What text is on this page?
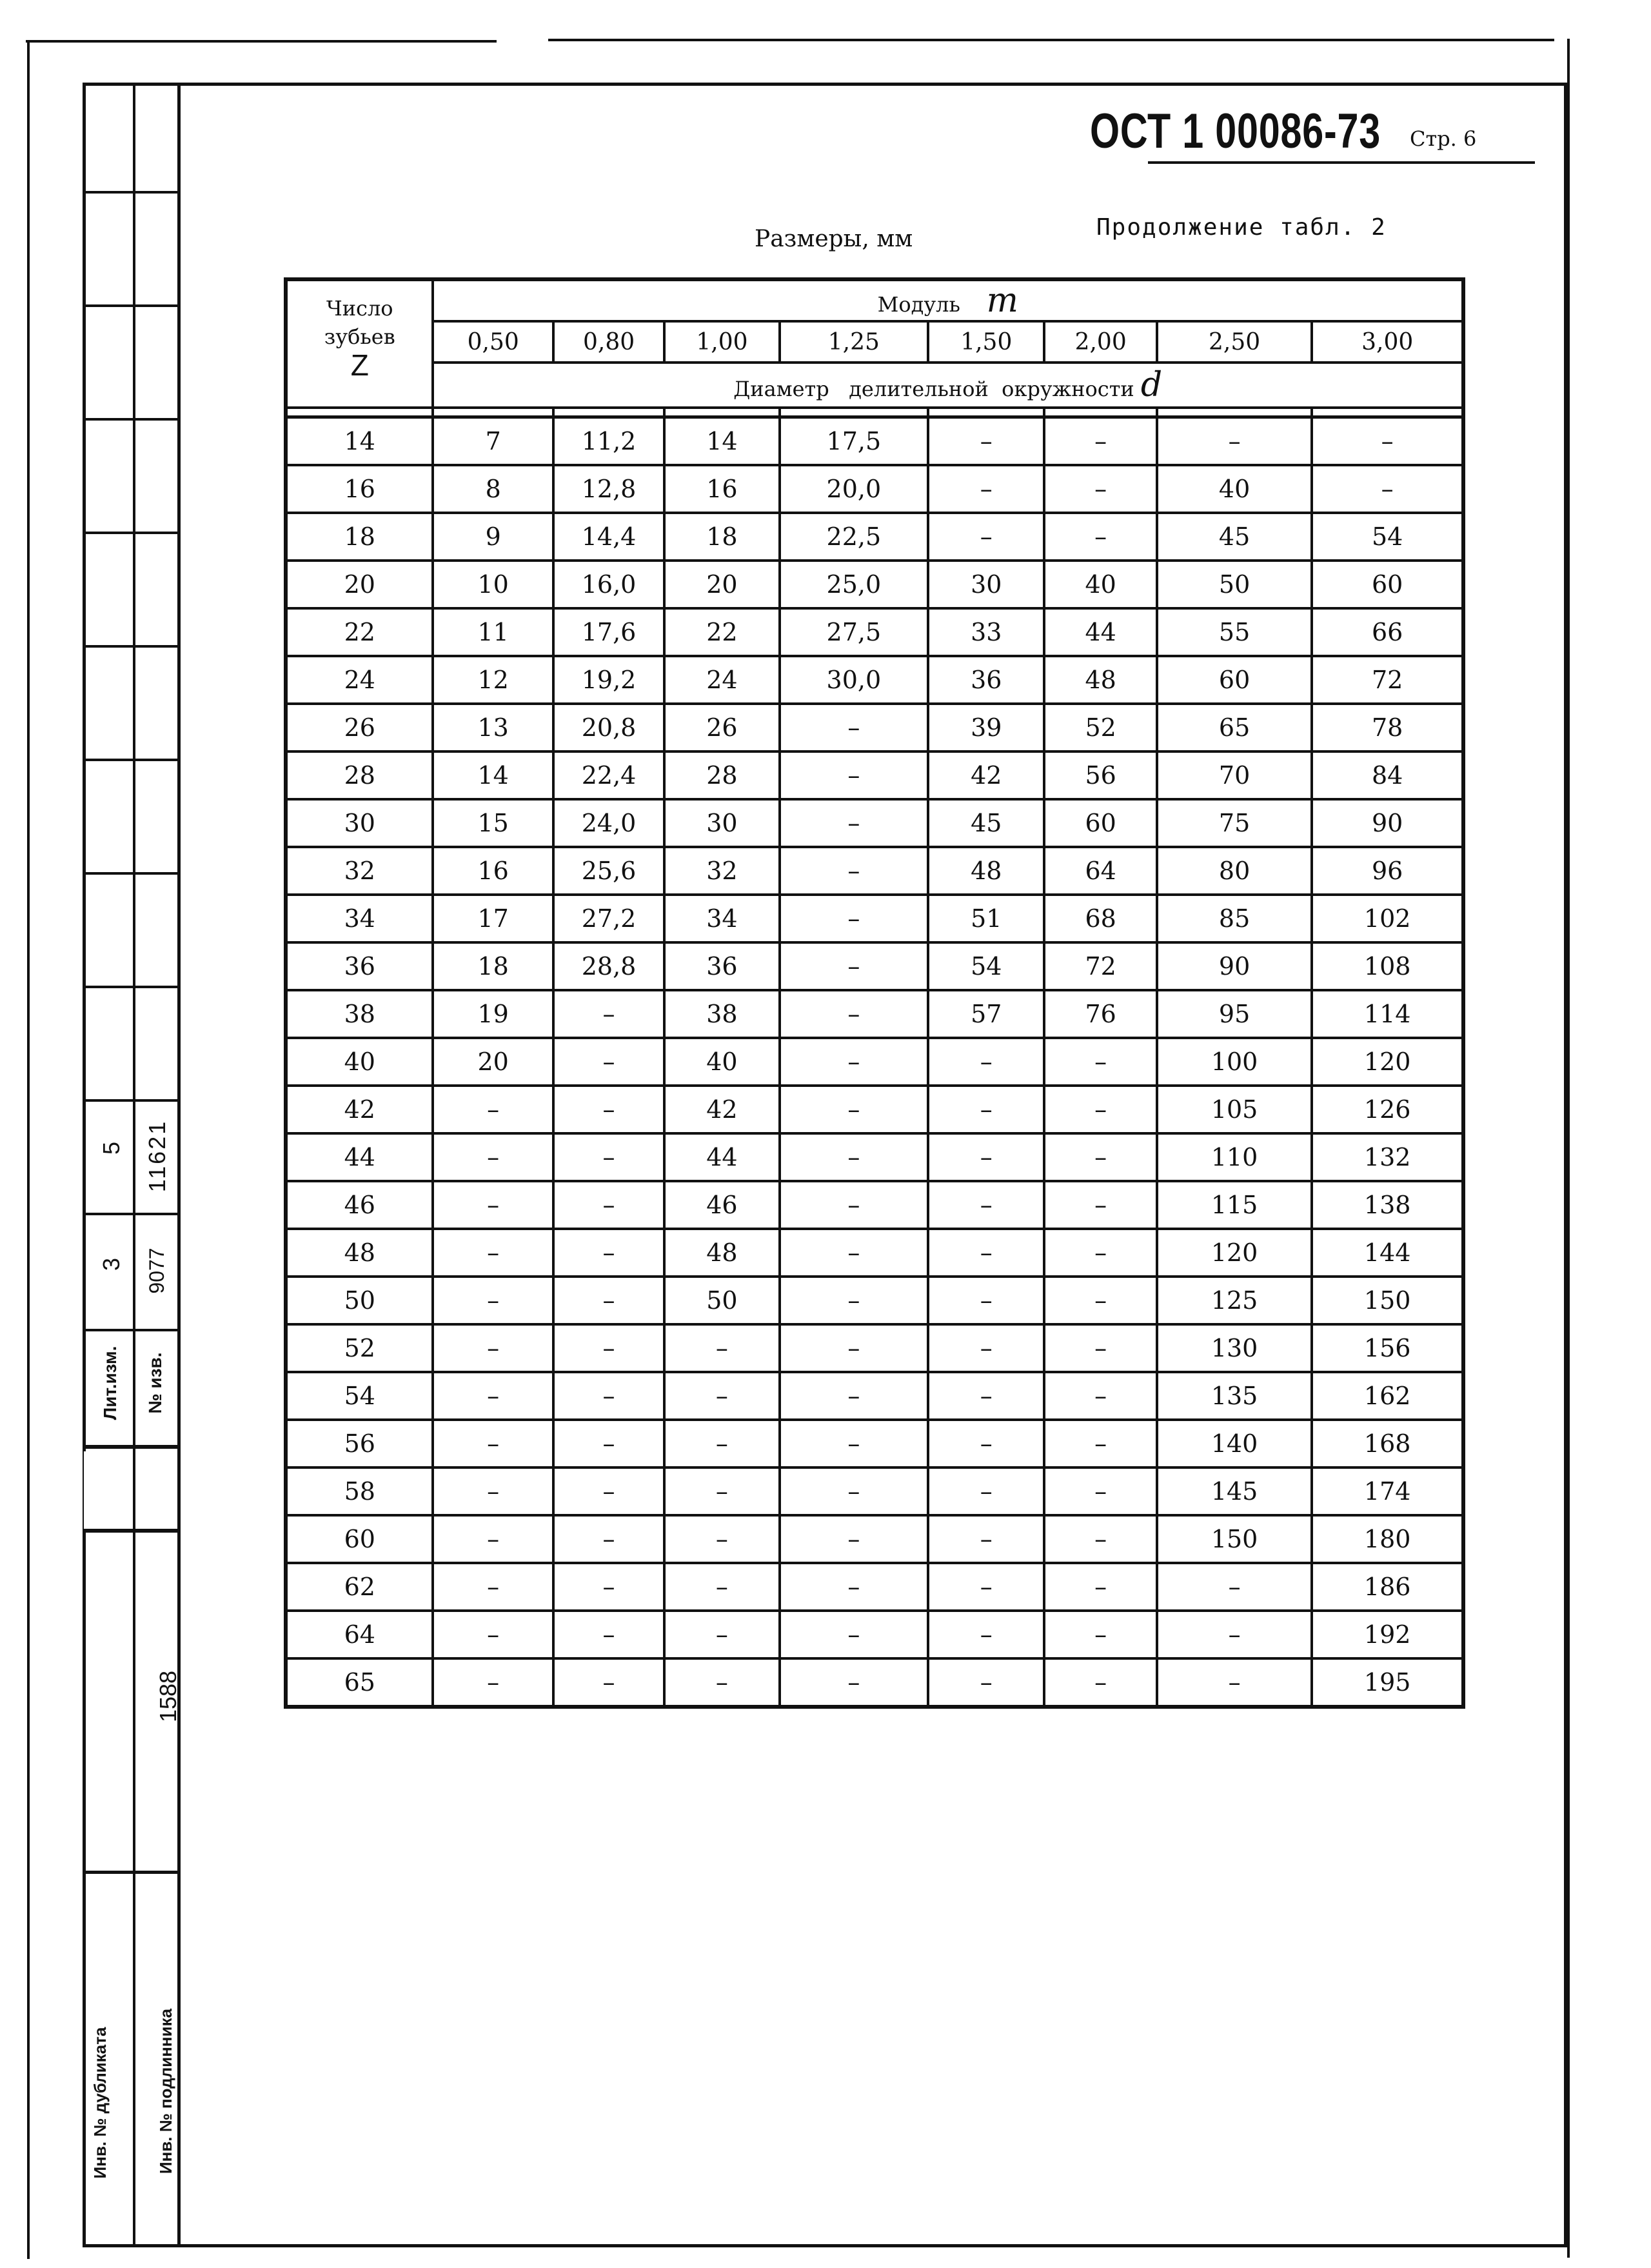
5 11621
3 9077
Лит.изм.	№ изв.
1588
Инв. № дубликата	Инв. № подлинника
ОСТ 1 00086-73 Стр. 6
Продолжение табл. 2
Размеры, мм
Число
зубьев
Z	Модуль m							
	0,50	0,80	1,00	1,25	1,50	2,00	2,50	3,00
	Диаметр   делительной  окружности d							

14	7	11,2	14	17,5	–	–	–	–
16	8	12,8	16	20,0	–	–	40	–
18	9	14,4	18	22,5	–	–	45	54
20	10	16,0	20	25,0	30	40	50	60
22	11	17,6	22	27,5	33	44	55	66
24	12	19,2	24	30,0	36	48	60	72
26	13	20,8	26	–	39	52	65	78
28	14	22,4	28	–	42	56	70	84
30	15	24,0	30	–	45	60	75	90
32	16	25,6	32	–	48	64	80	96
34	17	27,2	34	–	51	68	85	102
36	18	28,8	36	–	54	72	90	108
38	19	–	38	–	57	76	95	114
40	20	–	40	–	–	–	100	120
42	–	–	42	–	–	–	105	126
44	–	–	44	–	–	–	110	132
46	–	–	46	–	–	–	115	138
48	–	–	48	–	–	–	120	144
50	–	–	50	–	–	–	125	150
52	–	–	–	–	–	–	130	156
54	–	–	–	–	–	–	135	162
56	–	–	–	–	–	–	140	168
58	–	–	–	–	–	–	145	174
60	–	–	–	–	–	–	150	180
62	–	–	–	–	–	–	–	186
64	–	–	–	–	–	–	–	192
65	–	–	–	–	–	–	–	195
